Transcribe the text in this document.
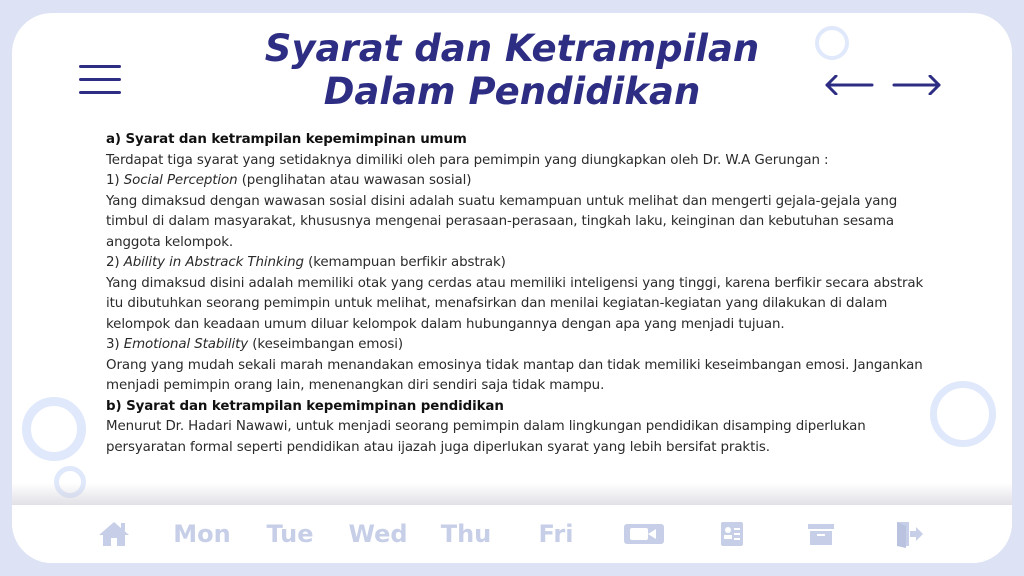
Syarat dan Ketrampilan
Dalam Pendidikan

a) Syarat dan ketrampilan kepemimpinan umum

Terdapat tiga syarat yang setidaknya dimiliki oleh para pemimpin yang diungkapkan oleh Dr. W.A Gerungan :

1) Social Perception (penglihatan atau wawasan sosial)

Yang dimaksud dengan wawasan sosial disini adalah suatu kemampuan untuk melihat dan mengerti gejala-gejala yang timbul di dalam masyarakat, khususnya mengenai perasaan-perasaan, tingkah laku, keinginan dan kebutuhan sesama anggota kelompok.

2) Ability in Abstrack Thinking (kemampuan berfikir abstrak)

Yang dimaksud disini adalah memiliki otak yang cerdas atau memiliki inteligensi yang tinggi, karena berfikir secara abstrak itu dibutuhkan seorang pemimpin untuk melihat, menafsirkan dan menilai kegiatan-kegiatan yang dilakukan di dalam kelompok dan keadaan umum diluar kelompok dalam hubungannya dengan apa yang menjadi tujuan.

3) Emotional Stability (keseimbangan emosi)

Orang yang mudah sekali marah menandakan emosinya tidak mantap dan tidak memiliki keseimbangan emosi. Jangankan menjadi pemimpin orang lain, menenangkan diri sendiri saja tidak mampu.

b) Syarat dan ketrampilan kepemimpinan pendidikan

Menurut Dr. Hadari Nawawi, untuk menjadi seorang pemimpin dalam lingkungan pendidikan disamping diperlukan persyaratan formal seperti pendidikan atau ijazah juga diperlukan syarat yang lebih bersifat praktis.

Mon Tue Wed Thu Fri
